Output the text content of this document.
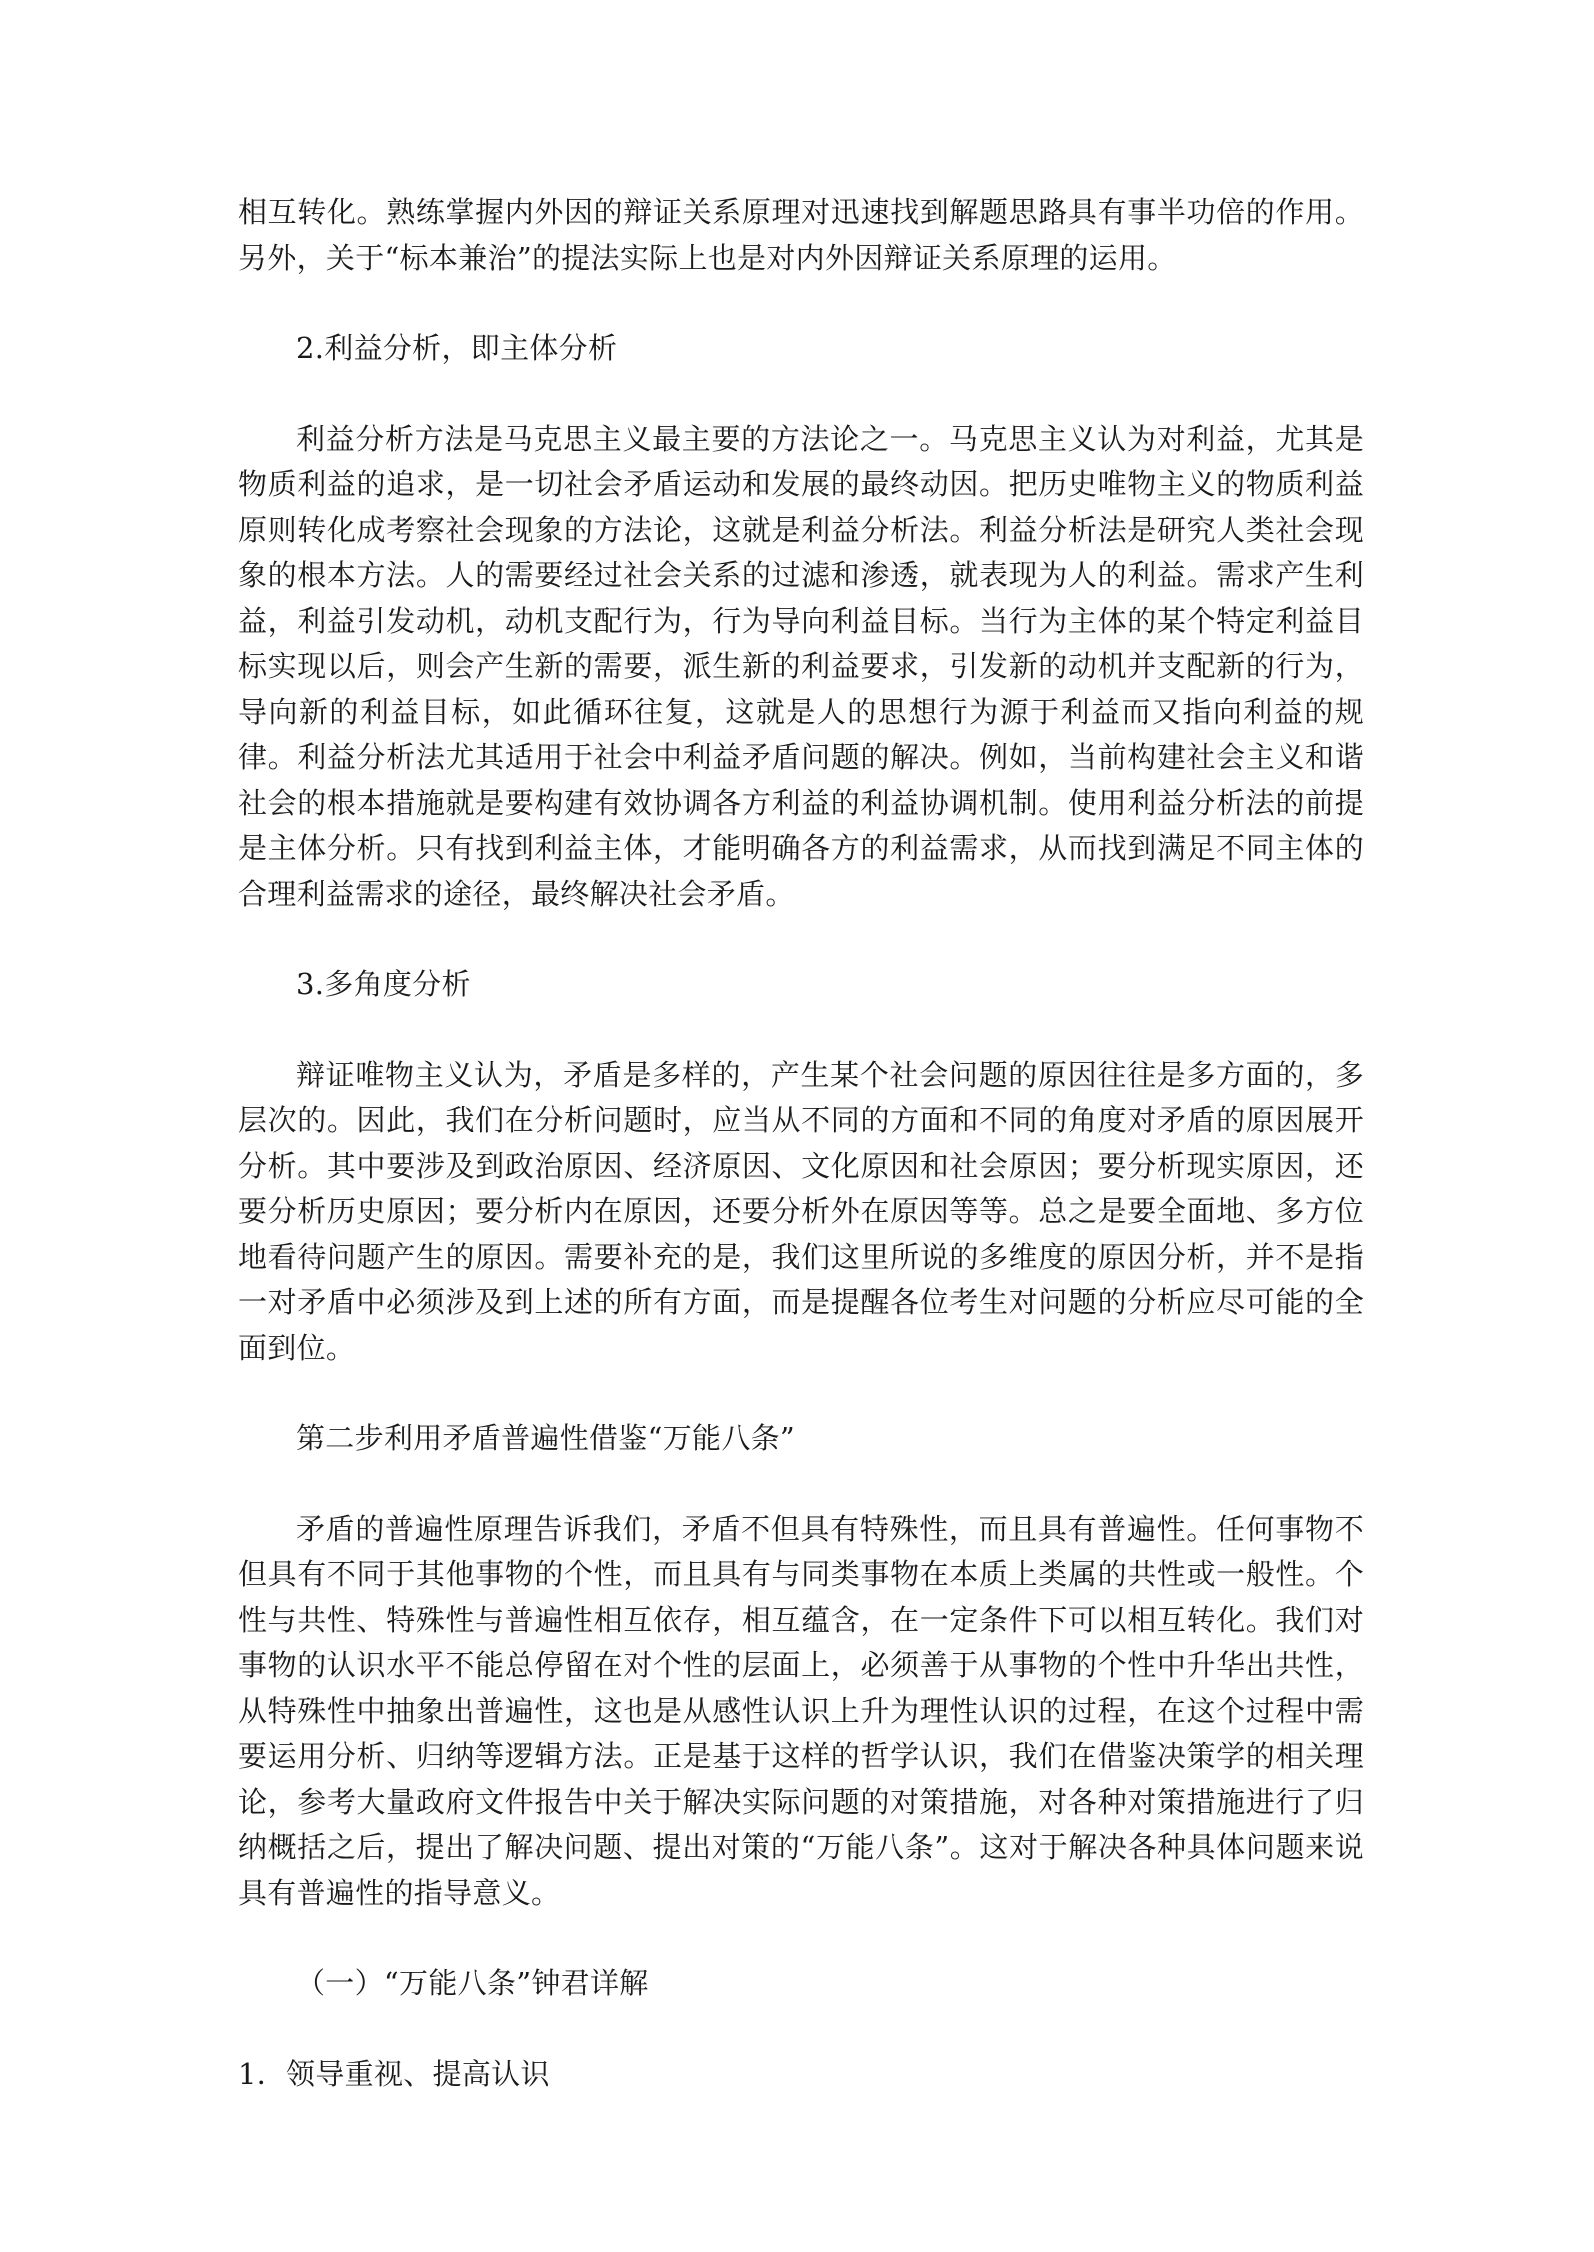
相互转化。熟练掌握内外因的辩证关系原理对迅速找到解题思路具有事半功倍的作用。另外，关于“标本兼治”的提法实际上也是对内外因辩证关系原理的运用。

2.利益分析，即主体分析

利益分析方法是马克思主义最主要的方法论之一。马克思主义认为对利益，尤其是物质利益的追求，是一切社会矛盾运动和发展的最终动因。把历史唯物主义的物质利益原则转化成考察社会现象的方法论，这就是利益分析法。利益分析法是研究人类社会现象的根本方法。人的需要经过社会关系的过滤和渗透，就表现为人的利益。需求产生利益，利益引发动机，动机支配行为，行为导向利益目标。当行为主体的某个特定利益目标实现以后，则会产生新的需要，派生新的利益要求，引发新的动机并支配新的行为，导向新的利益目标，如此循环往复，这就是人的思想行为源于利益而又指向利益的规律。利益分析法尤其适用于社会中利益矛盾问题的解决。例如，当前构建社会主义和谐社会的根本措施就是要构建有效协调各方利益的利益协调机制。使用利益分析法的前提是主体分析。只有找到利益主体，才能明确各方的利益需求，从而找到满足不同主体的合理利益需求的途径，最终解决社会矛盾。

3.多角度分析

辩证唯物主义认为，矛盾是多样的，产生某个社会问题的原因往往是多方面的，多层次的。因此，我们在分析问题时，应当从不同的方面和不同的角度对矛盾的原因展开分析。其中要涉及到政治原因、经济原因、文化原因和社会原因；要分析现实原因，还要分析历史原因；要分析内在原因，还要分析外在原因等等。总之是要全面地、多方位地看待问题产生的原因。需要补充的是，我们这里所说的多维度的原因分析，并不是指一对矛盾中必须涉及到上述的所有方面，而是提醒各位考生对问题的分析应尽可能的全面到位。

第二步利用矛盾普遍性借鉴“万能八条”

矛盾的普遍性原理告诉我们，矛盾不但具有特殊性，而且具有普遍性。任何事物不但具有不同于其他事物的个性，而且具有与同类事物在本质上类属的共性或一般性。个性与共性、特殊性与普遍性相互依存，相互蕴含，在一定条件下可以相互转化。我们对事物的认识水平不能总停留在对个性的层面上，必须善于从事物的个性中升华出共性，从特殊性中抽象出普遍性，这也是从感性认识上升为理性认识的过程，在这个过程中需要运用分析、归纳等逻辑方法。正是基于这样的哲学认识，我们在借鉴决策学的相关理论，参考大量政府文件报告中关于解决实际问题的对策措施，对各种对策措施进行了归纳概括之后，提出了解决问题、提出对策的“万能八条”。这对于解决各种具体问题来说具有普遍性的指导意义。

（一）“万能八条”钟君详解

1．领导重视、提高认识
